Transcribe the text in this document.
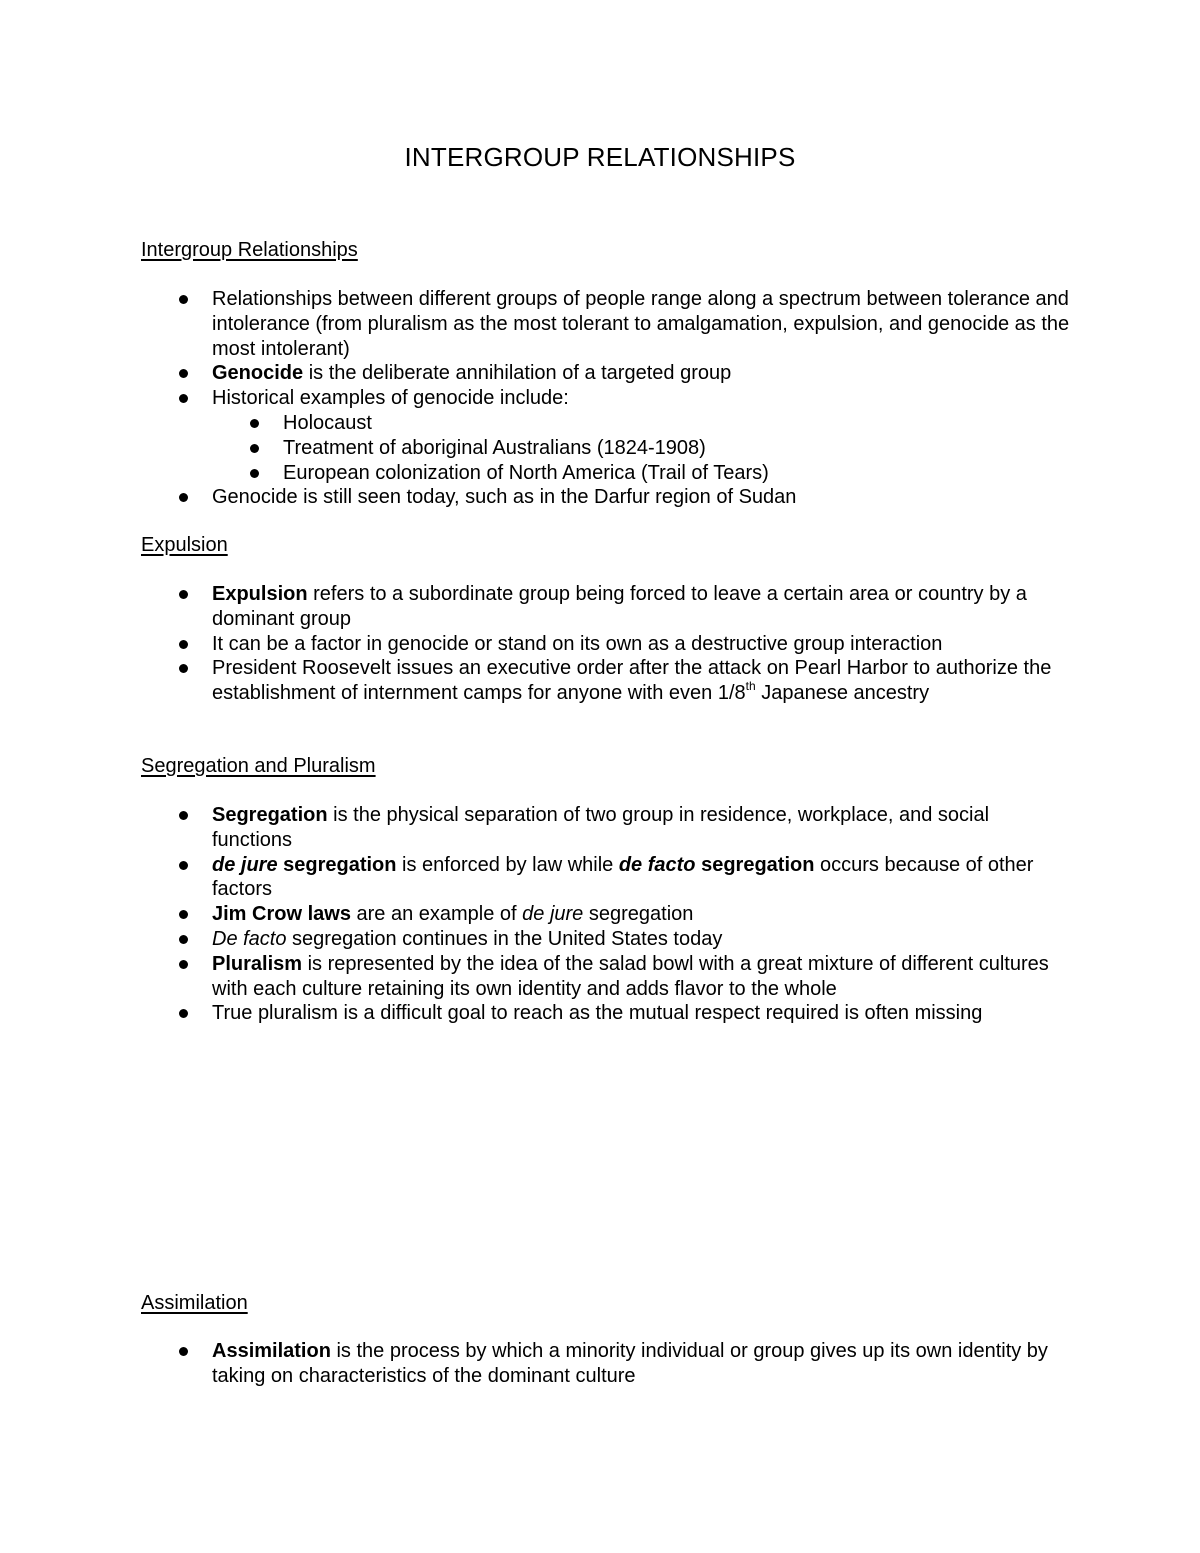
INTERGROUP RELATIONSHIPS
Intergroup Relationships
Relationships between different groups of people range along a spectrum between tolerance and intolerance (from pluralism as the most tolerant to amalgamation, expulsion, and genocide as the most intolerant)
Genocide is the deliberate annihilation of a targeted group
Historical examples of genocide include:
Holocaust
Treatment of aboriginal Australians (1824-1908)
European colonization of North America (Trail of Tears)
Genocide is still seen today, such as in the Darfur region of Sudan
Expulsion
Expulsion refers to a subordinate group being forced to leave a certain area or country by a dominant group
It can be a factor in genocide or stand on its own as a destructive group interaction
President Roosevelt issues an executive order after the attack on Pearl Harbor to authorize the establishment of internment camps for anyone with even 1/8th Japanese ancestry
Segregation and Pluralism
Segregation is the physical separation of two group in residence, workplace, and social functions
de jure segregation is enforced by law while de facto segregation occurs because of other factors
Jim Crow laws are an example of de jure segregation
De facto segregation continues in the United States today
Pluralism is represented by the idea of the salad bowl with a great mixture of different cultures with each culture retaining its own identity and adds flavor to the whole
True pluralism is a difficult goal to reach as the mutual respect required is often missing
Assimilation
Assimilation is the process by which a minority individual or group gives up its own identity by taking on characteristics of the dominant culture
